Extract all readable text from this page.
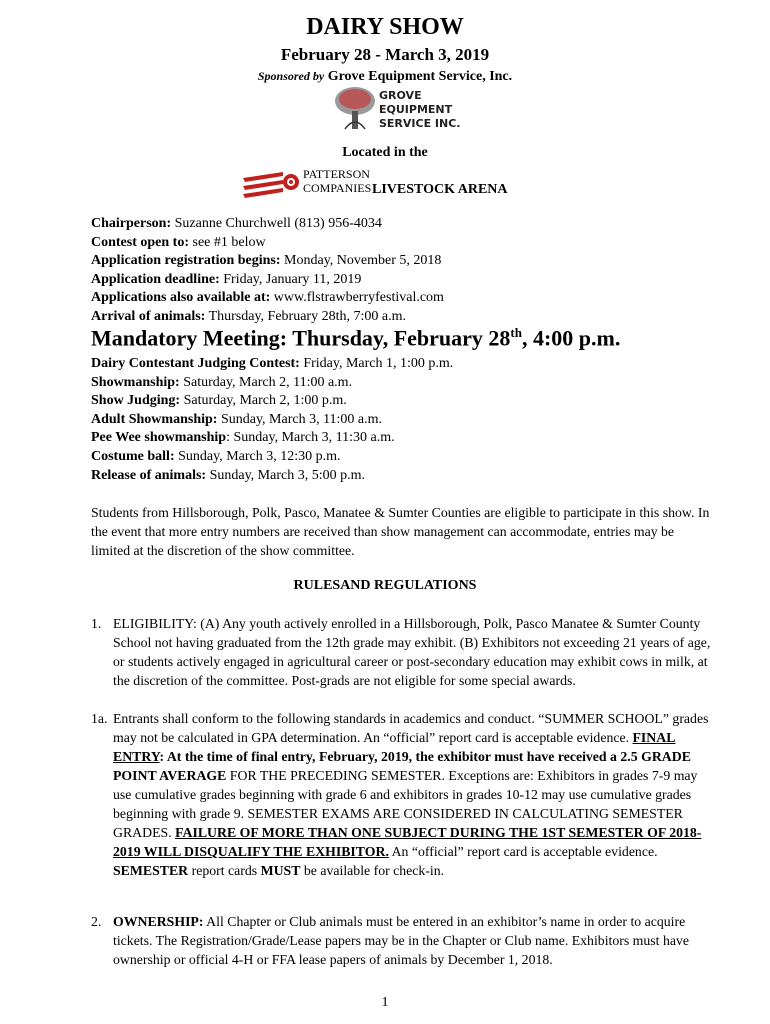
DAIRY SHOW
February 28 - March 3, 2019
Sponsored by Grove Equipment Service, Inc.
GROVE
EQUIPMENT
SERVICE INC.
Located in the
PATTERSON
COMPANIES LIVESTOCK ARENA
Chairperson: Suzanne Churchwell (813) 956-4034
Contest open to: see #1 below
Application registration begins: Monday, November 5, 2018
Application deadline: Friday, January 11, 2019
Applications also available at: www.flstrawberryfestival.com
Arrival of animals: Thursday, February 28th, 7:00 a.m.
Mandatory Meeting: Thursday, February 28th, 4:00 p.m.
Dairy Contestant Judging Contest: Friday, March 1, 1:00 p.m.
Showmanship: Saturday, March 2, 11:00 a.m.
Show Judging: Saturday, March 2, 1:00 p.m.
Adult Showmanship: Sunday, March 3, 11:00 a.m.
Pee Wee showmanship: Sunday, March 3, 11:30 a.m.
Costume ball: Sunday, March 3, 12:30 p.m.
Release of animals: Sunday, March 3, 5:00 p.m.
Students from Hillsborough, Polk, Pasco, Manatee & Sumter Counties are eligible to participate in this show. In the event that more entry numbers are received than show management can accommodate, entries may be limited at the discretion of the show committee.
RULESAND REGULATIONS
1. ELIGIBILITY: (A) Any youth actively enrolled in a Hillsborough, Polk, Pasco Manatee & Sumter County School not having graduated from the 12th grade may exhibit. (B) Exhibitors not exceeding 21 years of age, or students actively engaged in agricultural career or post-secondary education may exhibit cows in milk, at the discretion of the committee. Post-grads are not eligible for some special awards.
1a. Entrants shall conform to the following standards in academics and conduct. “SUMMER SCHOOL” grades may not be calculated in GPA determination. An “official” report card is acceptable evidence. FINAL ENTRY: At the time of final entry, February, 2019, the exhibitor must have received a 2.5 GRADE POINT AVERAGE FOR THE PRECEDING SEMESTER. Exceptions are: Exhibitors in grades 7-9 may use cumulative grades beginning with grade 6 and exhibitors in grades 10-12 may use cumulative grades beginning with grade 9. SEMESTER EXAMS ARE CONSIDERED IN CALCULATING SEMESTER GRADES. FAILURE OF MORE THAN ONE SUBJECT DURING THE 1ST SEMESTER OF 2018-2019 WILL DISQUALIFY THE EXHIBITOR. An “official” report card is acceptable evidence. SEMESTER report cards MUST be available for check-in.
2. OWNERSHIP: All Chapter or Club animals must be entered in an exhibitor’s name in order to acquire tickets. The Registration/Grade/Lease papers may be in the Chapter or Club name. Exhibitors must have ownership or official 4-H or FFA lease papers of animals by December 1, 2018.
1
